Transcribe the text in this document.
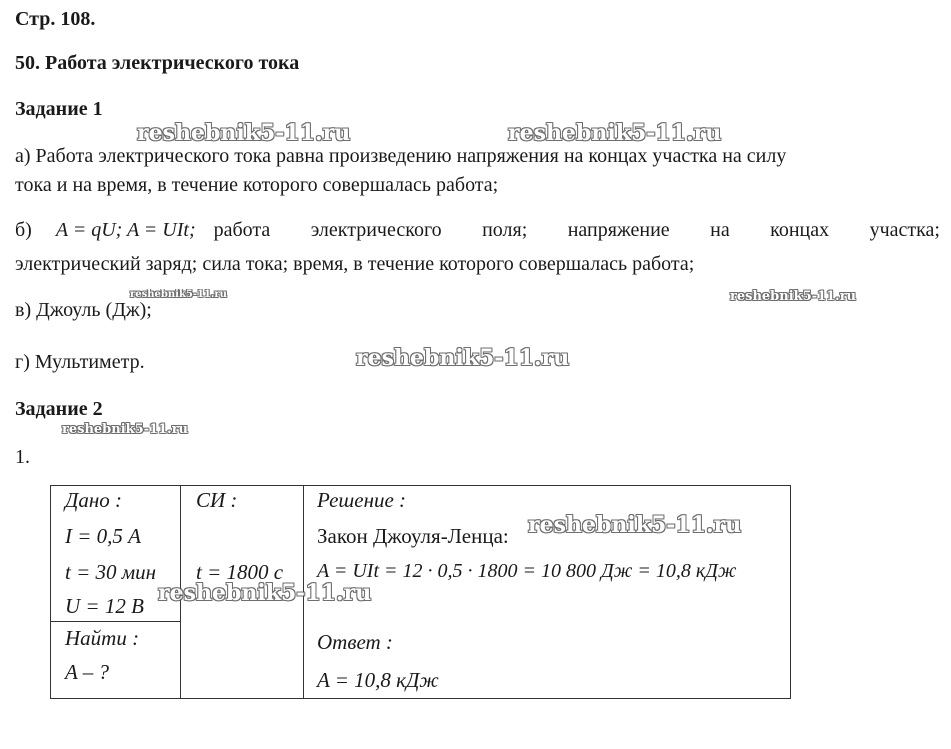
Стр. 108.
50. Работа электрического тока
Задание 1
а) Работа электрического тока равна произведению напряжения на концах участка на силу
тока и на время, в течение которого совершалась работа;
б) A = qU; A = UIt; работа электрического поля; напряжение на концах участка;
электрический заряд; сила тока; время, в течение которого совершалась работа;
в) Джоуль (Дж);
г) Мультиметр.
Задание 2
1.
Дано :
I = 0,5 А
t = 30 мин
U = 12 В
Найти :
A – ?
СИ :
t = 1800 с
Решение :
Закон Джоуля-Ленца:
A = UIt = 12 · 0,5 · 1800 = 10 800 Дж = 10,8 кДж
Ответ :
A = 10,8 кДж
reshebnik5-11.ru	reshebnik5-11.ru
reshebnik5-11.ru	reshebnik5-11.ru
reshebnik5-11.ru
reshebnik5-11.ru
reshebnik5-11.ru
reshebnik5-11.ru
